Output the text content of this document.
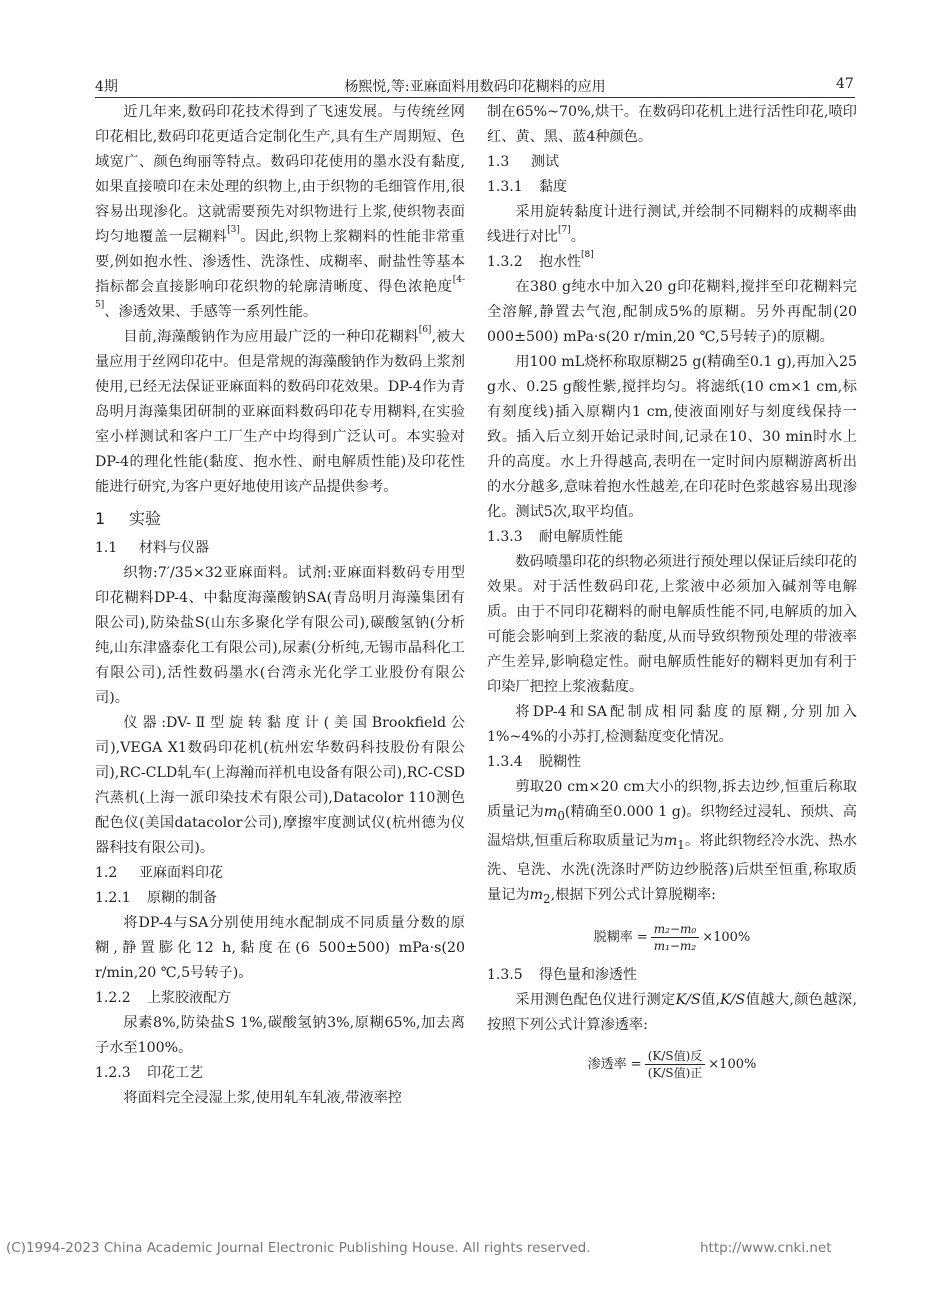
4期	杨熙悦,等:亚麻面料用数码印花糊料的应用	47

近几年来,数码印花技术得到了飞速发展。与传统丝网印花相比,数码印花更适合定制化生产,具有生产周期短、色域宽广、颜色绚丽等特点。数码印花使用的墨水没有黏度,如果直接喷印在未处理的织物上,由于织物的毛细管作用,很容易出现渗化。这就需要预先对织物进行上浆,使织物表面均匀地覆盖一层糊料[3]。因此,织物上浆糊料的性能非常重要,例如抱水性、渗透性、洗涤性、成糊率、耐盐性等基本指标都会直接影响印花织物的轮廓清晰度、得色浓艳度[4-5]、渗透效果、手感等一系列性能。

目前,海藻酸钠作为应用最广泛的一种印花糊料[6],被大量应用于丝网印花中。但是常规的海藻酸钠作为数码上浆剂使用,已经无法保证亚麻面料的数码印花效果。DP-4作为青岛明月海藻集团研制的亚麻面料数码印花专用糊料,在实验室小样测试和客户工厂生产中均得到广泛认可。本实验对DP-4的理化性能(黏度、抱水性、耐电解质性能)及印花性能进行研究,为客户更好地使用该产品提供参考。

1 实验
1.1 材料与仪器

织物:7′/35×32亚麻面料。试剂:亚麻面料数码专用型印花糊料DP-4、中黏度海藻酸钠SA(青岛明月海藻集团有限公司),防染盐S(山东多聚化学有限公司),碳酸氢钠(分析纯,山东津盛泰化工有限公司),尿素(分析纯,无锡市晶科化工有限公司),活性数码墨水(台湾永光化学工业股份有限公司)。

仪器:DV-Ⅱ型旋转黏度计(美国Brookfield公司),VEGA X1数码印花机(杭州宏华数码科技股份有限公司),RC-CLD轧车(上海瀚而祥机电设备有限公司),RC-CSD汽蒸机(上海一派印染技术有限公司),Datacolor 110测色配色仪(美国datacolor公司),摩擦牢度测试仪(杭州德为仪器科技有限公司)。

1.2 亚麻面料印花
1.2.1 原糊的制备

将DP-4与SA分别使用纯水配制成不同质量分数的原糊,静置膨化12 h,黏度在(6 500±500) mPa·s(20 r/min,20 ℃,5号转子)。

1.2.2 上浆胶液配方

尿素8%,防染盐S 1%,碳酸氢钠3%,原糊65%,加去离子水至100%。

1.2.3 印花工艺

将面料完全浸湿上浆,使用轧车轧液,带液率控

制在65%~70%,烘干。在数码印花机上进行活性印花,喷印红、黄、黑、蓝4种颜色。

1.3 测试
1.3.1 黏度

采用旋转黏度计进行测试,并绘制不同糊料的成糊率曲线进行对比[7]。

1.3.2 抱水性[8]

在380 g纯水中加入20 g印花糊料,搅拌至印花糊料完全溶解,静置去气泡,配制成5%的原糊。另外再配制(20 000±500) mPa·s(20 r/min,20 ℃,5号转子)的原糊。

用100 mL烧杯称取原糊25 g(精确至0.1 g),再加入25 g水、0.25 g酸性紫,搅拌均匀。将滤纸(10 cm×1 cm,标有刻度线)插入原糊内1 cm,使液面刚好与刻度线保持一致。插入后立刻开始记录时间,记录在10、30 min时水上升的高度。水上升得越高,表明在一定时间内原糊游离析出的水分越多,意味着抱水性越差,在印花时色浆越容易出现渗化。测试5次,取平均值。

1.3.3 耐电解质性能

数码喷墨印花的织物必须进行预处理以保证后续印花的效果。对于活性数码印花,上浆液中必须加入碱剂等电解质。由于不同印花糊料的耐电解质性能不同,电解质的加入可能会影响到上浆液的黏度,从而导致织物预处理的带液率产生差异,影响稳定性。耐电解质性能好的糊料更加有利于印染厂把控上浆液黏度。

将DP-4和SA配制成相同黏度的原糊,分别加入1%~4%的小苏打,检测黏度变化情况。

1.3.4 脱糊性

剪取20 cm×20 cm大小的织物,拆去边纱,恒重后称取质量记为$m_0$(精确至0.000 1 g)。织物经过浸轧、预烘、高温焙烘,恒重后称取质量记为$m_1$。将此织物经冷水洗、热水洗、皂洗、水洗(洗涤时严防边纱脱落)后烘至恒重,称取质量记为$m_2$,根据下列公式计算脱糊率:

脱糊率 = $\frac{\text{m₂−m₀}}{\text{m₁−m₂}} \times 100\%$
1.3.5 得色量和渗透性

采用测色配色仪进行测定K/S值,K/S值越大,颜色越深,按照下列公式计算渗透率:

渗透率 = $\frac{\text{(K/S值)反}}{\text{(K/S值)正}} \times 100\%$
(C)1994-2023 China Academic Journal Electronic Publishing House. All rights reserved.	http://www.cnki.net
